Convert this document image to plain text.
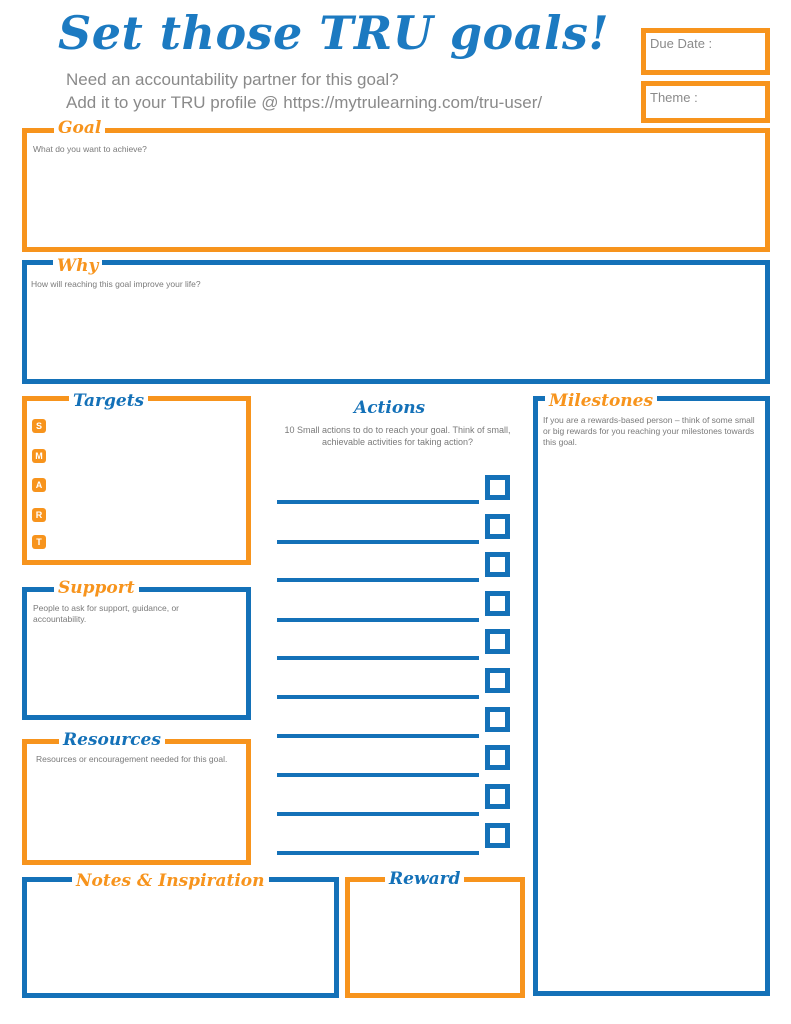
Set those TRU goals!
Need an accountability partner for this goal?
Add it to your TRU profile @ https://mytrulearning.com/tru-user/
Due Date :
Theme :
Goal
What do you want to achieve?
Why
How will reaching this goal improve your life?
Targets
S
M
A
R
T
Support
People to ask for support, guidance, or accountability.
Resources
Resources or encouragement needed for this goal.
Actions
10 Small actions to do to reach your goal. Think of small, achievable activities for taking action?
Milestones
If you are a rewards-based person – think of some small or big rewards for you reaching your milestones towards this goal.
Notes & Inspiration	Reward
